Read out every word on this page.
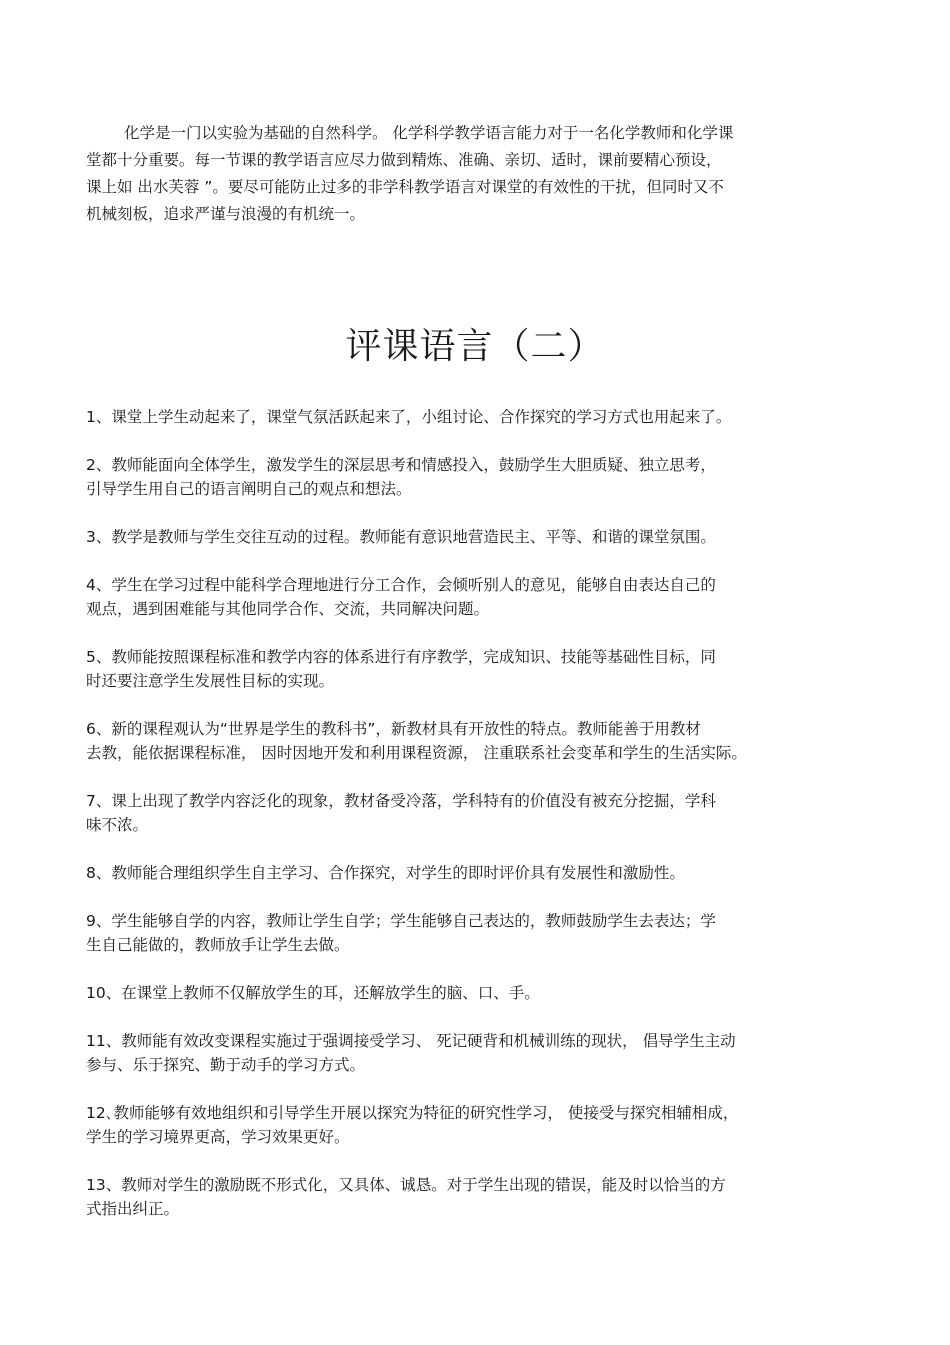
化学是一门以实验为基础的自然科学。 化学科学教学语言能力对于一名化学教师和化学课

堂都十分重要。每一节课的教学语言应尽力做到精炼、准确、亲切、适时，课前要精心预设，

课上如 出水芙蓉 ”。要尽可能防止过多的非学科教学语言对课堂的有效性的干扰，但同时又不

机械刻板，追求严谨与浪漫的有机统一。

评课语言（二）
1、课堂上学生动起来了，课堂气氛活跃起来了，小组讨论、合作探究的学习方式也用起来了。
2、教师能面向全体学生，激发学生的深层思考和情感投入，鼓励学生大胆质疑、独立思考，
引导学生用自己的语言阐明自己的观点和想法。
3、教学是教师与学生交往互动的过程。教师能有意识地营造民主、平等、和谐的课堂氛围。
4、学生在学习过程中能科学合理地进行分工合作，会倾听别人的意见，能够自由表达自己的
观点，遇到困难能与其他同学合作、交流，共同解决问题。
5、教师能按照课程标准和教学内容的体系进行有序教学，完成知识、技能等基础性目标，同
时还要注意学生发展性目标的实现。
6、新的课程观认为“世界是学生的教科书”，新教材具有开放性的特点。教师能善于用教材
去教，能依据课程标准， 因时因地开发和利用课程资源， 注重联系社会变革和学生的生活实际。
7、课上出现了教学内容泛化的现象，教材备受冷落，学科特有的价值没有被充分挖掘，学科
味不浓。
8、教师能合理组织学生自主学习、合作探究，对学生的即时评价具有发展性和激励性。
9、学生能够自学的内容，教师让学生自学；学生能够自己表达的，教师鼓励学生去表达；学
生自己能做的，教师放手让学生去做。
10、在课堂上教师不仅解放学生的耳，还解放学生的脑、口、手。
11、教师能有效改变课程实施过于强调接受学习、 死记硬背和机械训练的现状， 倡导学生主动
参与、乐于探究、勤于动手的学习方式。
12､教师能够有效地组织和引导学生开展以探究为特征的研究性学习， 使接受与探究相辅相成，
学生的学习境界更高，学习效果更好。
13、教师对学生的激励既不形式化，又具体、诚恳。对于学生出现的错误，能及时以恰当的方
式指出纠正。
